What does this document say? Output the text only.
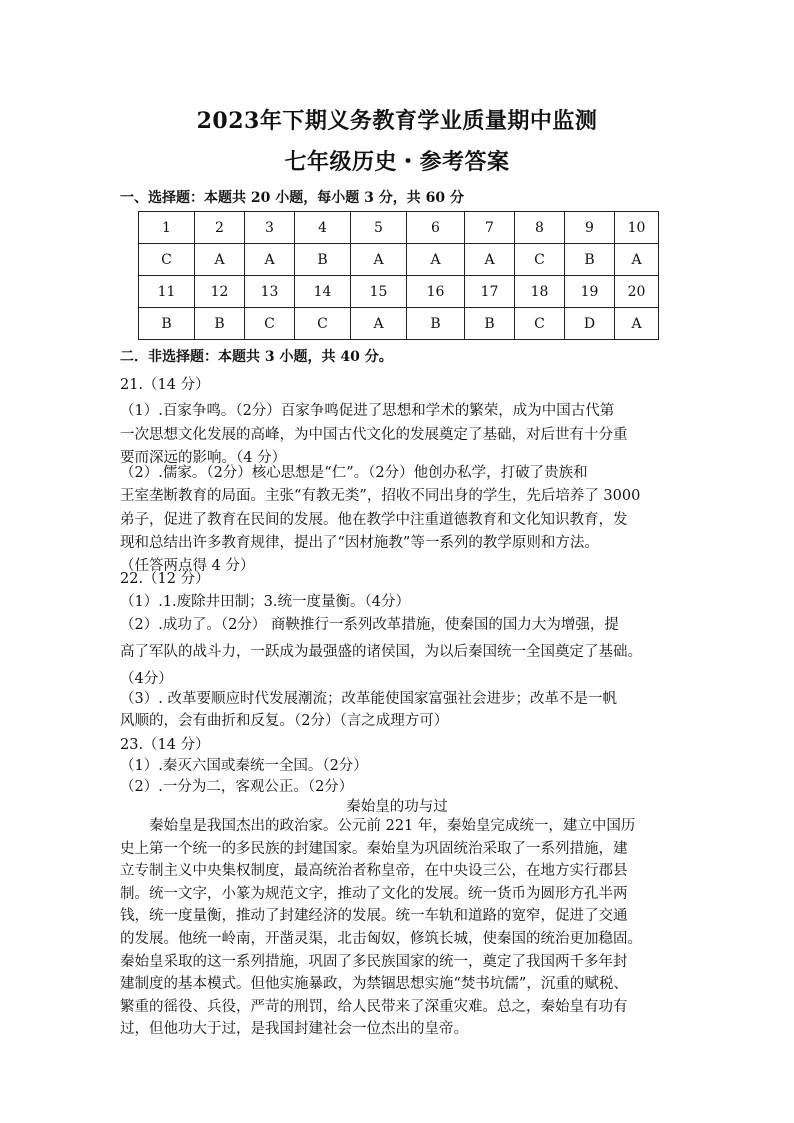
2023年下期义务教育学业质量期中监测
七年级历史・参考答案
一、选择题：本题共 20 小题，每小题 3 分，共 60 分
1	2	3	4	5	6	7	8	9	10
C	A	A	B	A	A	A	C	B	A
11	12	13	14	15	16	17	18	19	20
B	B	C	C	A	B	B	C	D	A
二．非选择题：本题共 3 小题，共 40 分。
21.（14 分）
（1）.百家争鸣。（2分）百家争鸣促进了思想和学术的繁荣，成为中国古代第
一次思想文化发展的高峰，为中国古代文化的发展奠定了基础，对后世有十分重
要而深远的影响。（4 分）
（2）.儒家。（2分）核心思想是“仁”。（2分）他创办私学，打破了贵族和
王室垄断教育的局面。主张“有教无类”，招收不同出身的学生，先后培养了 3000
弟子，促进了教育在民间的发展。他在教学中注重道德教育和文化知识教育，发
现和总结出许多教育规律，提出了“因材施教”等一系列的教学原则和方法。
（任答两点得 4 分）
22.（12 分）
（1）.1.废除井田制；3.统一度量衡。（4分）
（2）.成功了。（2分） 商鞅推行一系列改革措施，使秦国的国力大为增强，提
高了军队的战斗力，一跃成为最强盛的诸侯国，为以后秦国统一全国奠定了基础。
（4分）
（3）. 改革要顺应时代发展潮流；改革能使国家富强社会进步；改革不是一帆
风顺的，会有曲折和反复。（2分）（言之成理方可）
23.（14 分）
（1）.秦灭六国或秦统一全国。（2分）
（2）.一分为二，客观公正。（2分）
秦始皇的功与过
秦始皇是我国杰出的政治家。公元前 221 年，秦始皇完成统一，建立中国历
史上第一个统一的多民族的封建国家。秦始皇为巩固统治采取了一系列措施，建
立专制主义中央集权制度，最高统治者称皇帝，在中央设三公，在地方实行郡县
制。统一文字，小篆为规范文字，推动了文化的发展。统一货币为圆形方孔半两
钱，统一度量衡，推动了封建经济的发展。统一车轨和道路的宽窄，促进了交通
的发展。他统一岭南，开凿灵渠，北击匈奴，修筑长城，使秦国的统治更加稳固。
秦始皇采取的这一系列措施，巩固了多民族国家的统一，奠定了我国两千多年封
建制度的基本模式。但他实施暴政，为禁锢思想实施“焚书坑儒”，沉重的赋税、
繁重的徭役、兵役，严苛的刑罚，给人民带来了深重灾难。总之，秦始皇有功有
过，但他功大于过，是我国封建社会一位杰出的皇帝。
